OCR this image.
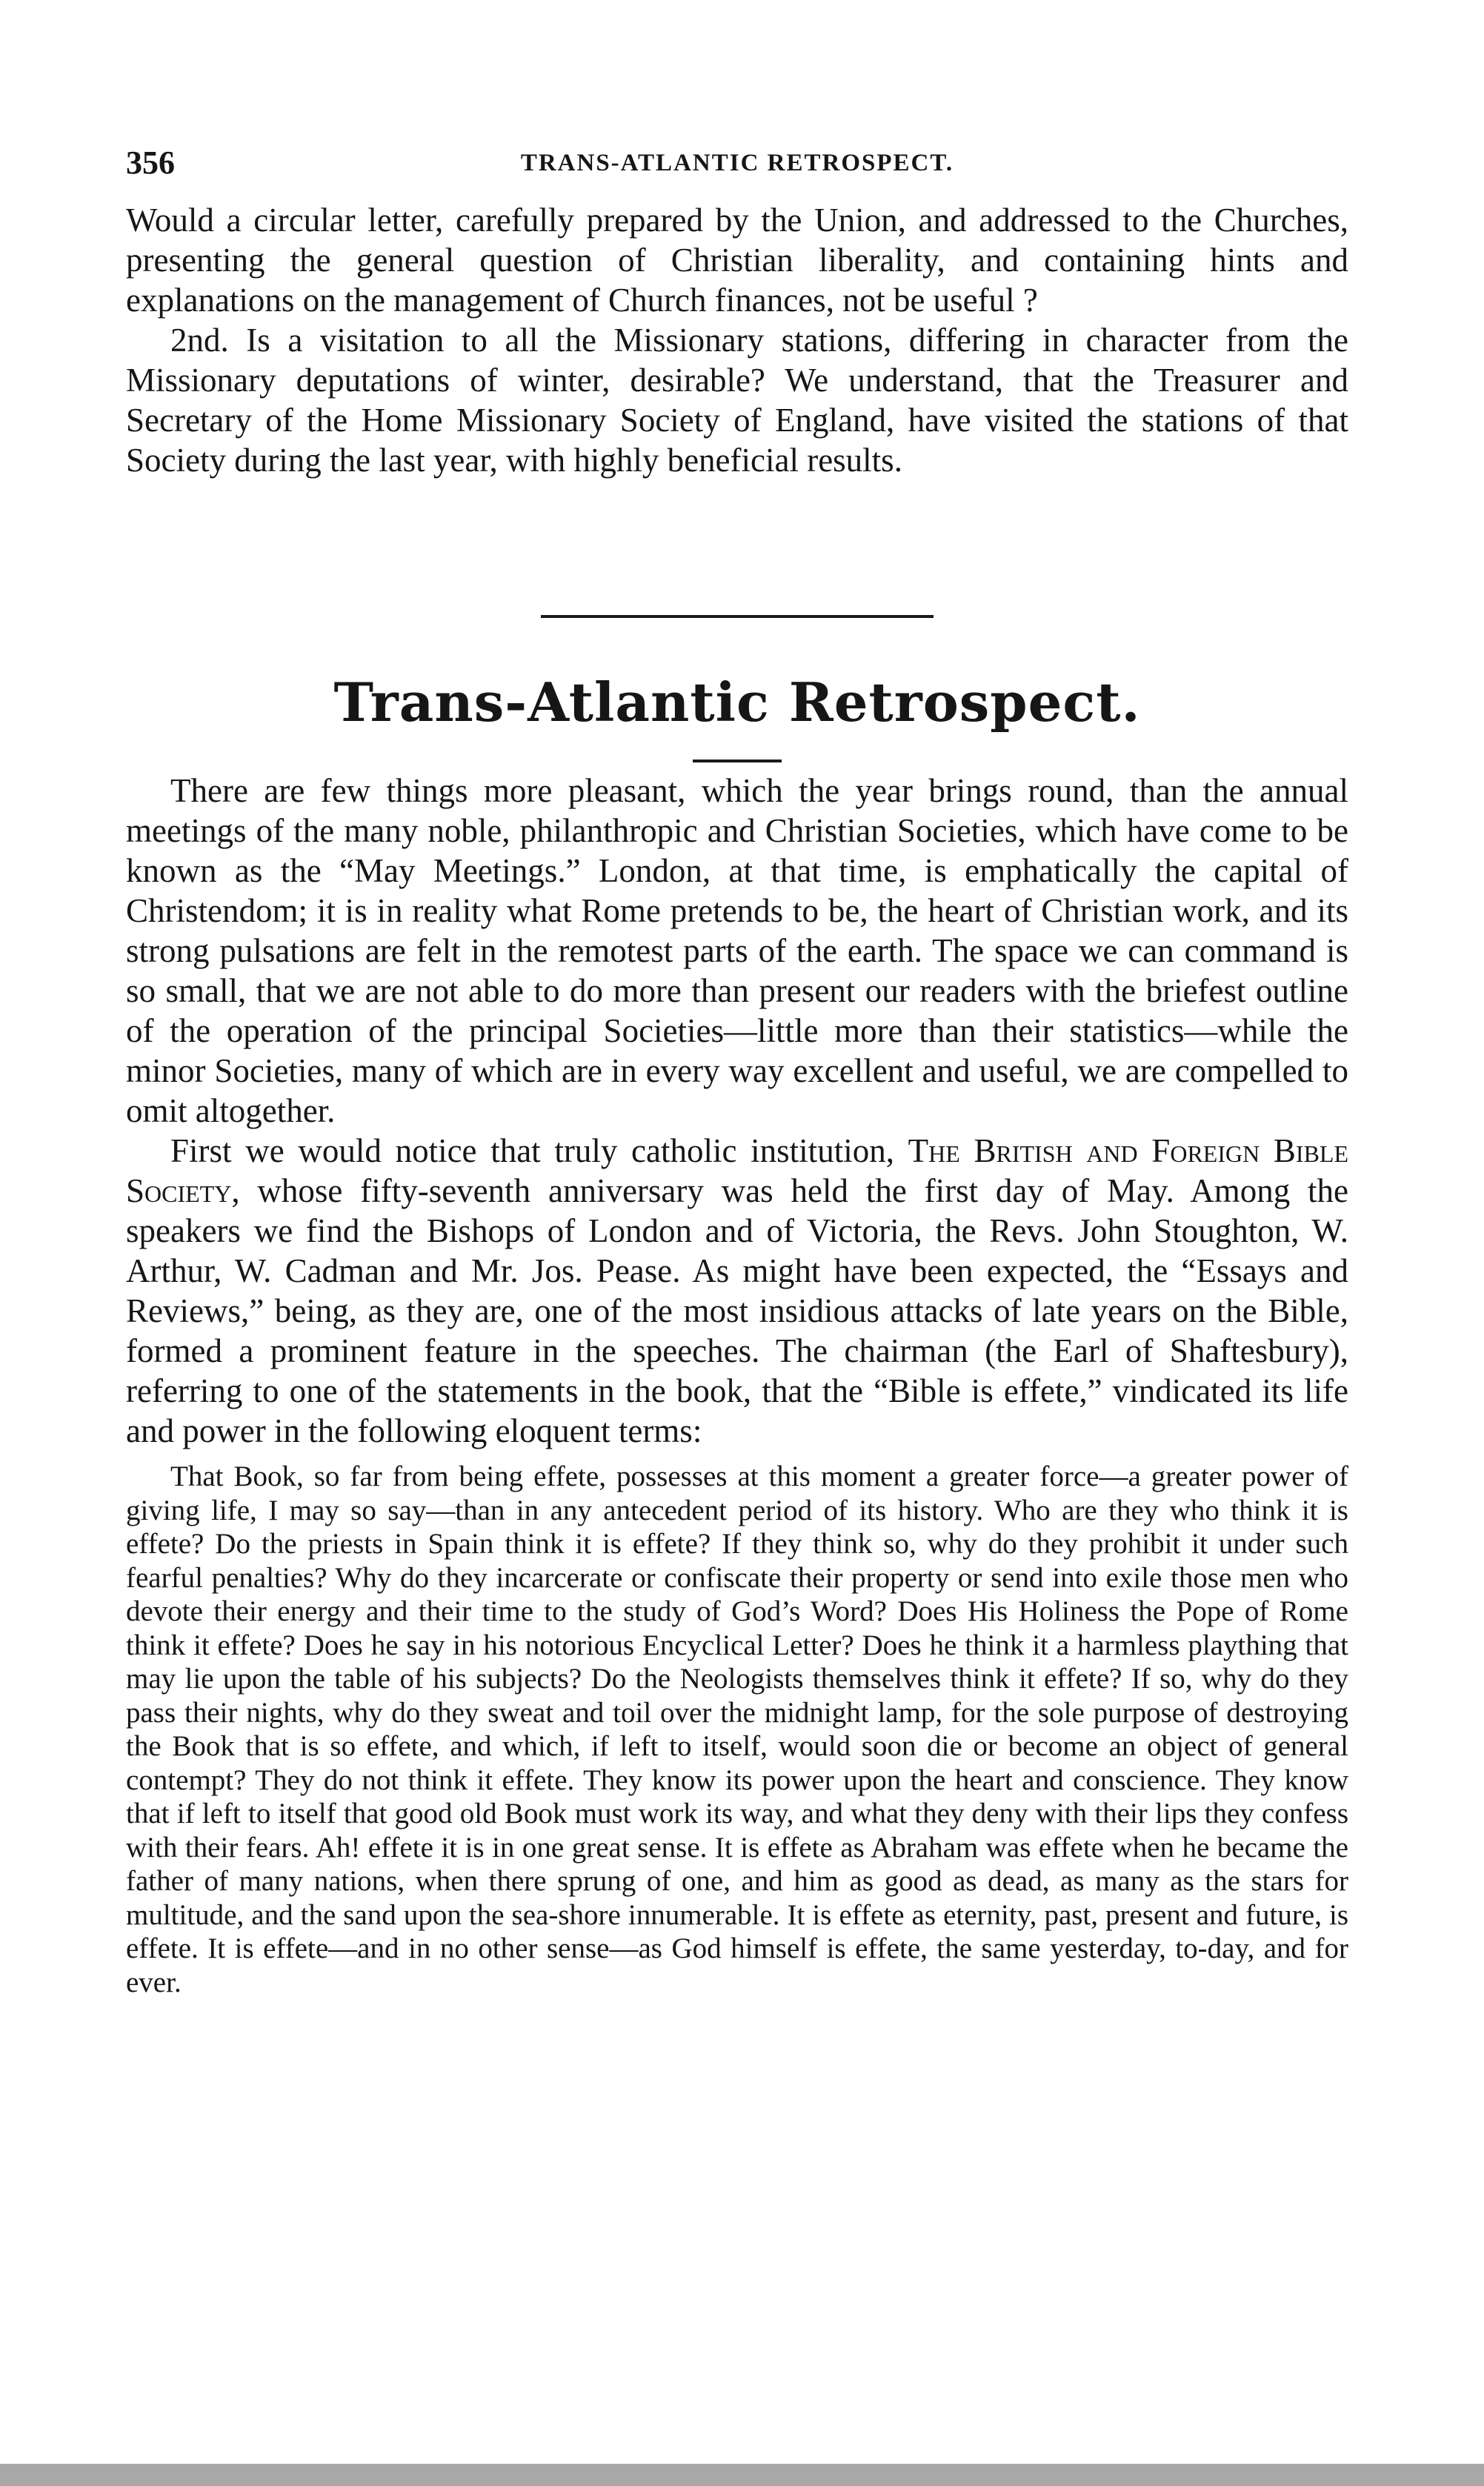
356	TRANS-ATLANTIC RETROSPECT.

Would a circular letter, carefully prepared by the Union, and addressed to the Churches, presenting the general question of Christian liberality, and containing hints and explanations on the management of Church finances, not be useful ?

2nd. Is a visitation to all the Missionary stations, differing in character from the Missionary deputations of winter, desirable? We understand, that the Treasurer and Secretary of the Home Missionary Society of England, have visited the stations of that Society during the last year, with highly beneficial results.

Trans-Atlantic Retrospect.

There are few things more pleasant, which the year brings round, than the annual meetings of the many noble, philanthropic and Christian Societies, which have come to be known as the “May Meetings.” London, at that time, is emphatically the capital of Christendom; it is in reality what Rome pretends to be, the heart of Christian work, and its strong pulsations are felt in the remotest parts of the earth. The space we can command is so small, that we are not able to do more than present our readers with the briefest outline of the operation of the principal Societies—little more than their statistics—while the minor Societies, many of which are in every way excellent and useful, we are compelled to omit altogether.

First we would notice that truly catholic institution, The British and Foreign Bible Society, whose fifty-seventh anniversary was held the first day of May. Among the speakers we find the Bishops of London and of Victoria, the Revs. John Stoughton, W. Arthur, W. Cadman and Mr. Jos. Pease. As might have been expected, the “Essays and Reviews,” being, as they are, one of the most insidious attacks of late years on the Bible, formed a prominent feature in the speeches. The chairman (the Earl of Shaftesbury), referring to one of the statements in the book, that the “Bible is effete,” vindicated its life and power in the following eloquent terms:

That Book, so far from being effete, possesses at this moment a greater force—a greater power of giving life, I may so say—than in any antecedent period of its history. Who are they who think it is effete? Do the priests in Spain think it is effete? If they think so, why do they prohibit it under such fearful penalties? Why do they incarcerate or confiscate their property or send into exile those men who devote their energy and their time to the study of God’s Word? Does His Holiness the Pope of Rome think it effete? Does he say in his notorious Encyclical Letter? Does he think it a harmless plaything that may lie upon the table of his subjects? Do the Neologists themselves think it effete? If so, why do they pass their nights, why do they sweat and toil over the midnight lamp, for the sole purpose of destroying the Book that is so effete, and which, if left to itself, would soon die or become an object of general contempt? They do not think it effete. They know its power upon the heart and conscience. They know that if left to itself that good old Book must work its way, and what they deny with their lips they confess with their fears. Ah! effete it is in one great sense. It is effete as Abraham was effete when he became the father of many nations, when there sprung of one, and him as good as dead, as many as the stars for multitude, and the sand upon the sea-shore innumerable. It is effete as eternity, past, present and future, is effete. It is effete—and in no other sense—as God himself is effete, the same yesterday, to-day, and for ever.
